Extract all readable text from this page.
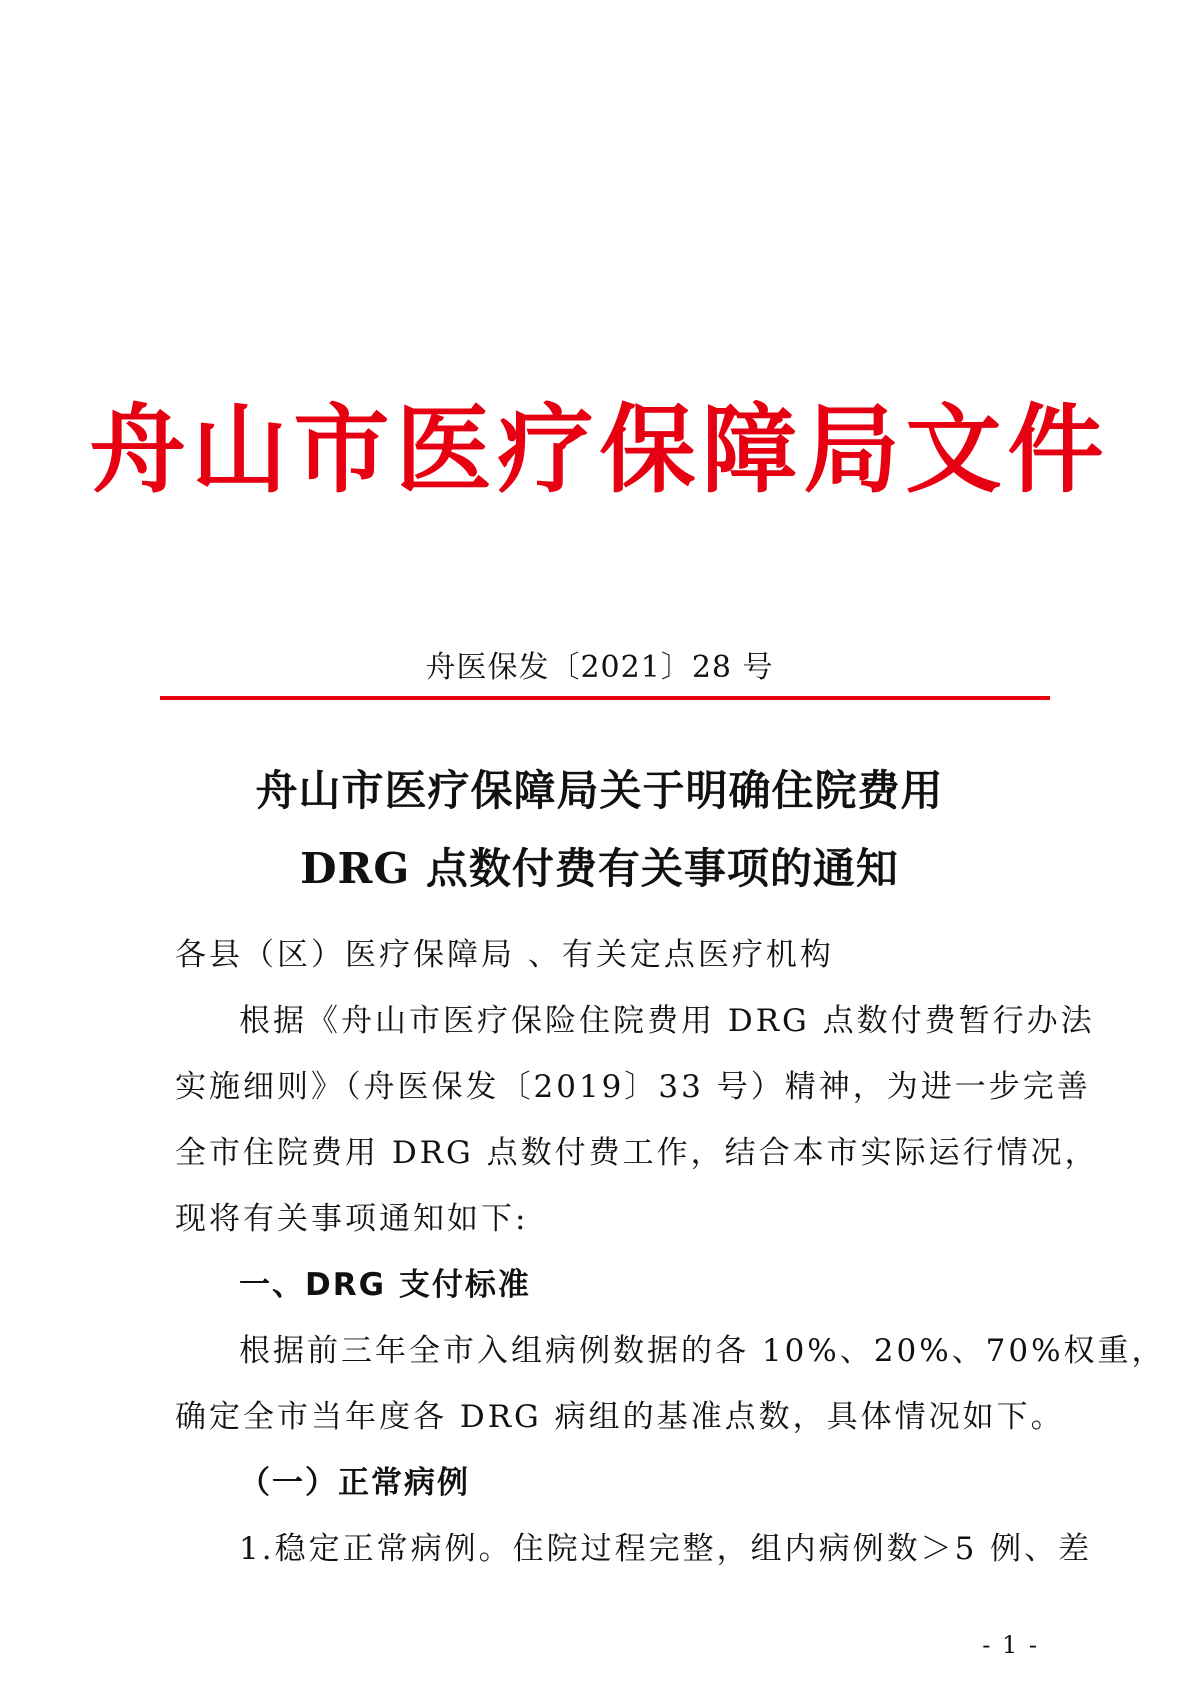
舟山市医疗保障局文件
舟医保发〔2021〕28 号
舟山市医疗保障局关于明确住院费用
DRG 点数付费有关事项的通知
各县（区）医疗保障局 、有关定点医疗机构
根据《舟山市医疗保险住院费用 DRG 点数付费暂行办法
实施细则》（舟医保发〔2019〕33 号）精神，为进一步完善
全市住院费用 DRG 点数付费工作，结合本市实际运行情况，
现将有关事项通知如下:
一、DRG 支付标准
根据前三年全市入组病例数据的各 10%、20%、70%权重，
确定全市当年度各 DRG 病组的基准点数，具体情况如下。
（一）正常病例
1.稳定正常病例。住院过程完整，组内病例数＞5 例、差
- 1 -
